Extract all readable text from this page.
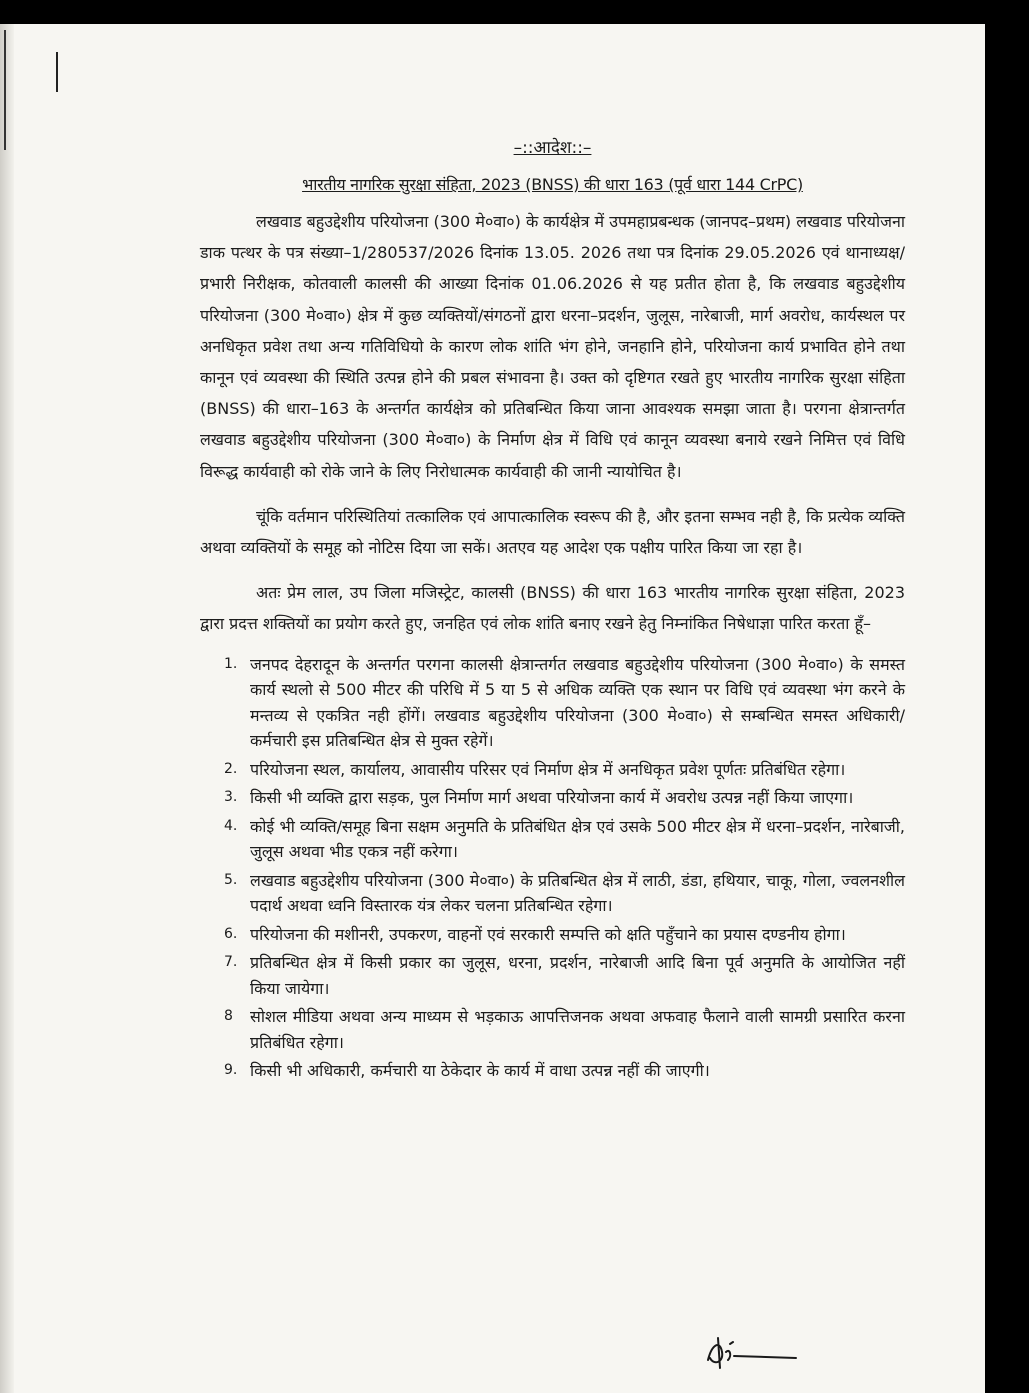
–::आदेश::–
भारतीय नागरिक सुरक्षा संहिता, 2023 (BNSS) की धारा 163 (पूर्व धारा 144 CrPC)

लखवाड बहुउद्देशीय परियोजना (300 मे०वा०) के कार्यक्षेत्र में उपमहाप्रबन्धक (जानपद–प्रथम) लखवाड परियोजना डाक पत्थर के पत्र संख्या–1/280537/2026 दिनांक 13.05. 2026 तथा पत्र दिनांक 29.05.2026 एवं थानाध्यक्ष/प्रभारी निरीक्षक, कोतवाली कालसी की आख्या दिनांक 01.06.2026 से यह प्रतीत होता है, कि लखवाड बहुउद्देशीय परियोजना (300 मे०वा०) क्षेत्र में कुछ व्यक्तियों/संगठनों द्वारा धरना–प्रदर्शन, जुलूस, नारेबाजी, मार्ग अवरोध, कार्यस्थल पर अनधिकृत प्रवेश तथा अन्य गतिविधियो के कारण लोक शांति भंग होने, जनहानि होने, परियोजना कार्य प्रभावित होने तथा कानून एवं व्यवस्था की स्थिति उत्पन्न होने की प्रबल संभावना है। उक्त को दृष्टिगत रखते हुए भारतीय नागरिक सुरक्षा संहिता (BNSS) की धारा–163 के अन्तर्गत कार्यक्षेत्र को प्रतिबन्धित किया जाना आवश्यक समझा जाता है। परगना क्षेत्रान्तर्गत लखवाड बहुउद्देशीय परियोजना (300 मे०वा०) के निर्माण क्षेत्र में विधि एवं कानून व्यवस्था बनाये रखने निमित्त एवं विधि विरूद्ध कार्यवाही को रोके जाने के लिए निरोधात्मक कार्यवाही की जानी न्यायोचित है।

चूंकि वर्तमान परिस्थितियां तत्कालिक एवं आपात्कालिक स्वरूप की है, और इतना सम्भव नही है, कि प्रत्येक व्यक्ति अथवा व्यक्तियों के समूह को नोटिस दिया जा सकें। अतएव यह आदेश एक पक्षीय पारित किया जा रहा है।

अतः प्रेम लाल, उप जिला मजिस्ट्रेट, कालसी (BNSS) की धारा 163 भारतीय नागरिक सुरक्षा संहिता, 2023 द्वारा प्रदत्त शक्तियों का प्रयोग करते हुए, जनहित एवं लोक शांति बनाए रखने हेतु निम्नांकित निषेधाज्ञा पारित करता हूँ–

1. जनपद देहरादून के अन्तर्गत परगना कालसी क्षेत्रान्तर्गत लखवाड बहुउद्देशीय परियोजना (300 मे०वा०) के समस्त कार्य स्थलो से 500 मीटर की परिधि में 5 या 5 से अधिक व्यक्ति एक स्थान पर विधि एवं व्यवस्था भंग करने के मन्तव्य से एकत्रित नही होंगें। लखवाड बहुउद्देशीय परियोजना (300 मे०वा०) से सम्बन्धित समस्त अधिकारी/कर्मचारी इस प्रतिबन्धित क्षेत्र से मुक्त रहेगें।
2. परियोजना स्थल, कार्यालय, आवासीय परिसर एवं निर्माण क्षेत्र में अनधिकृत प्रवेश पूर्णतः प्रतिबंधित रहेगा।
3. किसी भी व्यक्ति द्वारा सड़क, पुल निर्माण मार्ग अथवा परियोजना कार्य में अवरोध उत्पन्न नहीं किया जाएगा।
4. कोई भी व्यक्ति/समूह बिना सक्षम अनुमति के प्रतिबंधित क्षेत्र एवं उसके 500 मीटर क्षेत्र में धरना–प्रदर्शन, नारेबाजी, जुलूस अथवा भीड एकत्र नहीं करेगा।
5. लखवाड बहुउद्देशीय परियोजना (300 मे०वा०) के प्रतिबन्धित क्षेत्र में लाठी, डंडा, हथियार, चाकू, गोला, ज्वलनशील पदार्थ अथवा ध्वनि विस्तारक यंत्र लेकर चलना प्रतिबन्धित रहेगा।
6. परियोजना की मशीनरी, उपकरण, वाहनों एवं सरकारी सम्पत्ति को क्षति पहुँचाने का प्रयास दण्डनीय होगा।
7. प्रतिबन्धित क्षेत्र में किसी प्रकार का जुलूस, धरना, प्रदर्शन, नारेबाजी आदि बिना पूर्व अनुमति के आयोजित नहीं किया जायेगा।
8 सोशल मीडिया अथवा अन्य माध्यम से भड़काऊ आपत्तिजनक अथवा अफवाह फैलाने वाली सामग्री प्रसारित करना प्रतिबंधित रहेगा।
9. किसी भी अधिकारी, कर्मचारी या ठेकेदार के कार्य में वाधा उत्पन्न नहीं की जाएगी।
